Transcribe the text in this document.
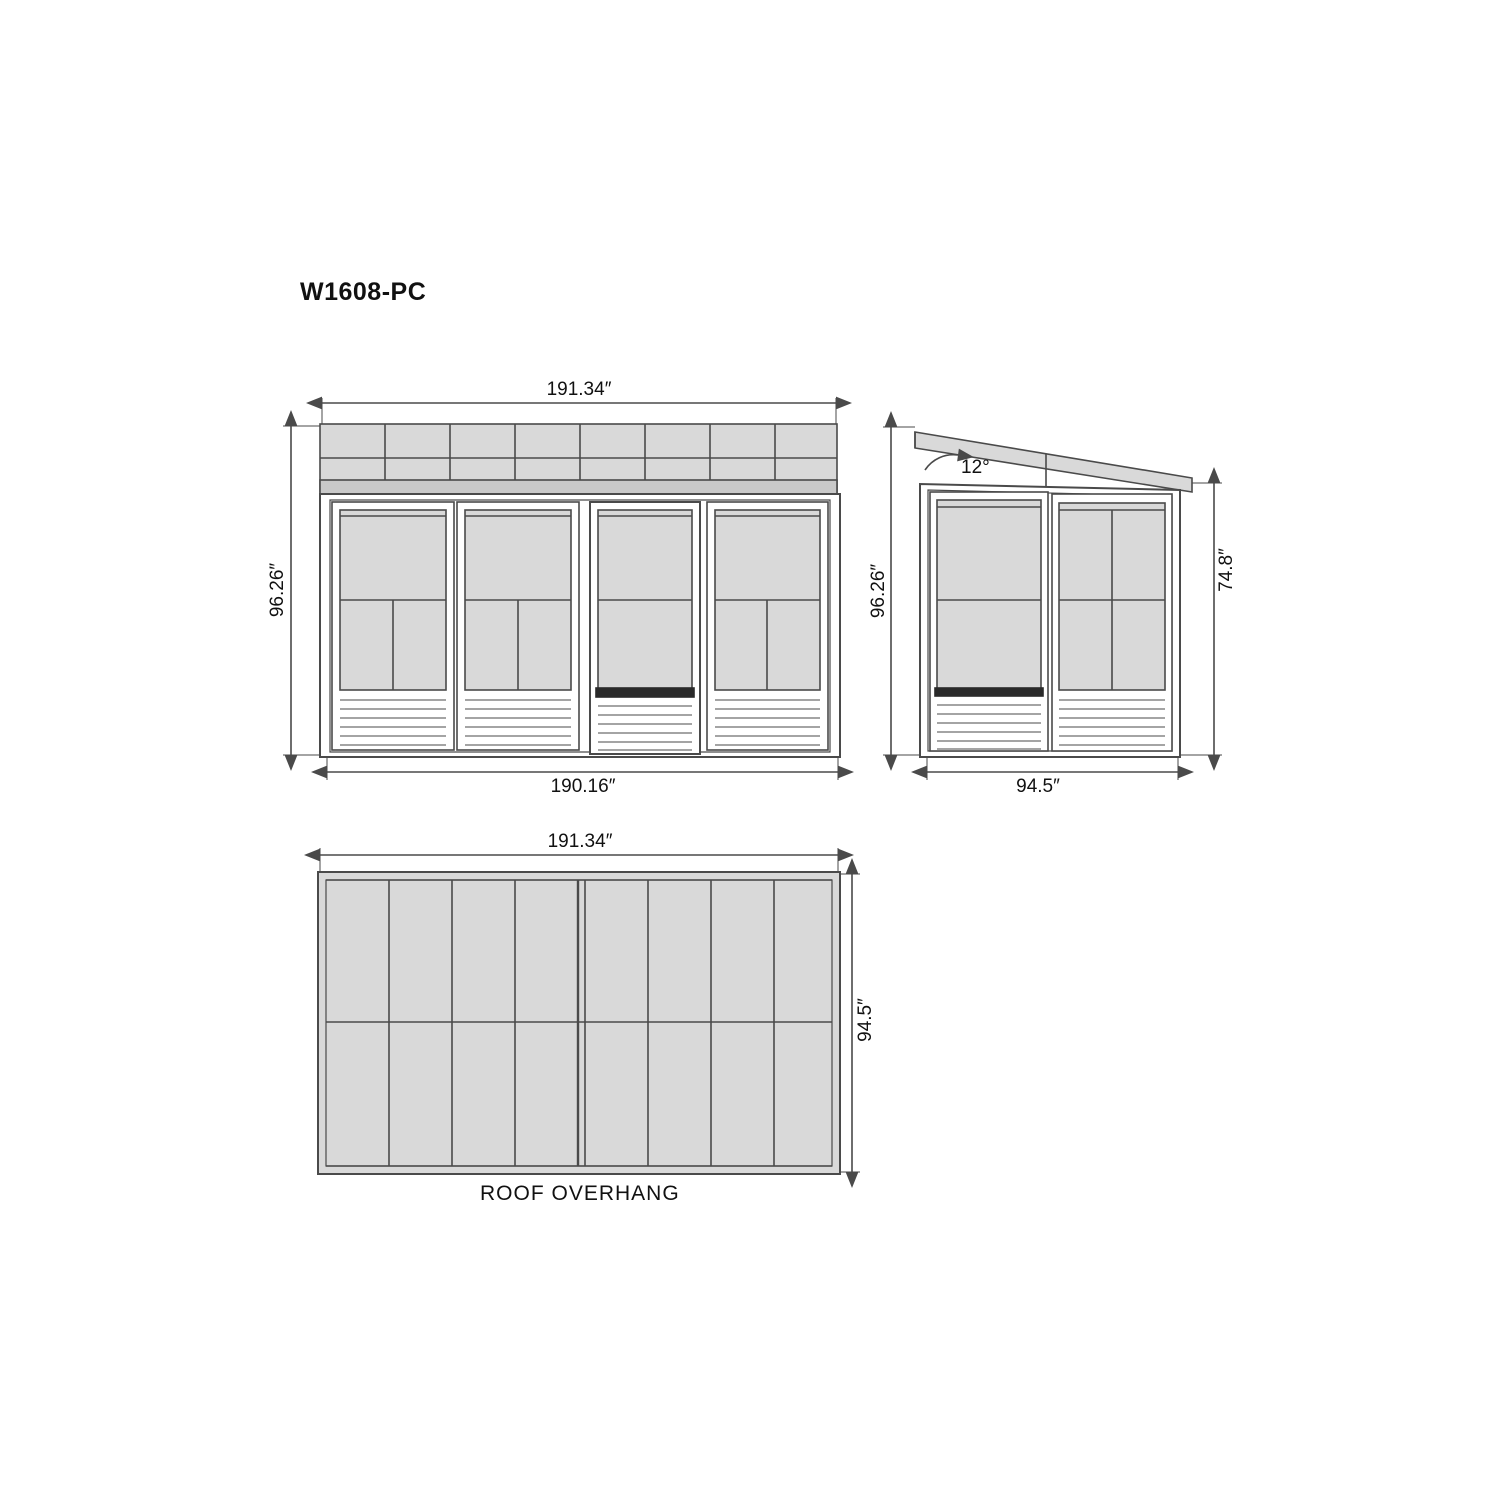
W1608-PC
191.34″
190.16″
96.26″	96.26″	74.8″
94.5″
12°
191.34″
94.5″
ROOF OVERHANG
